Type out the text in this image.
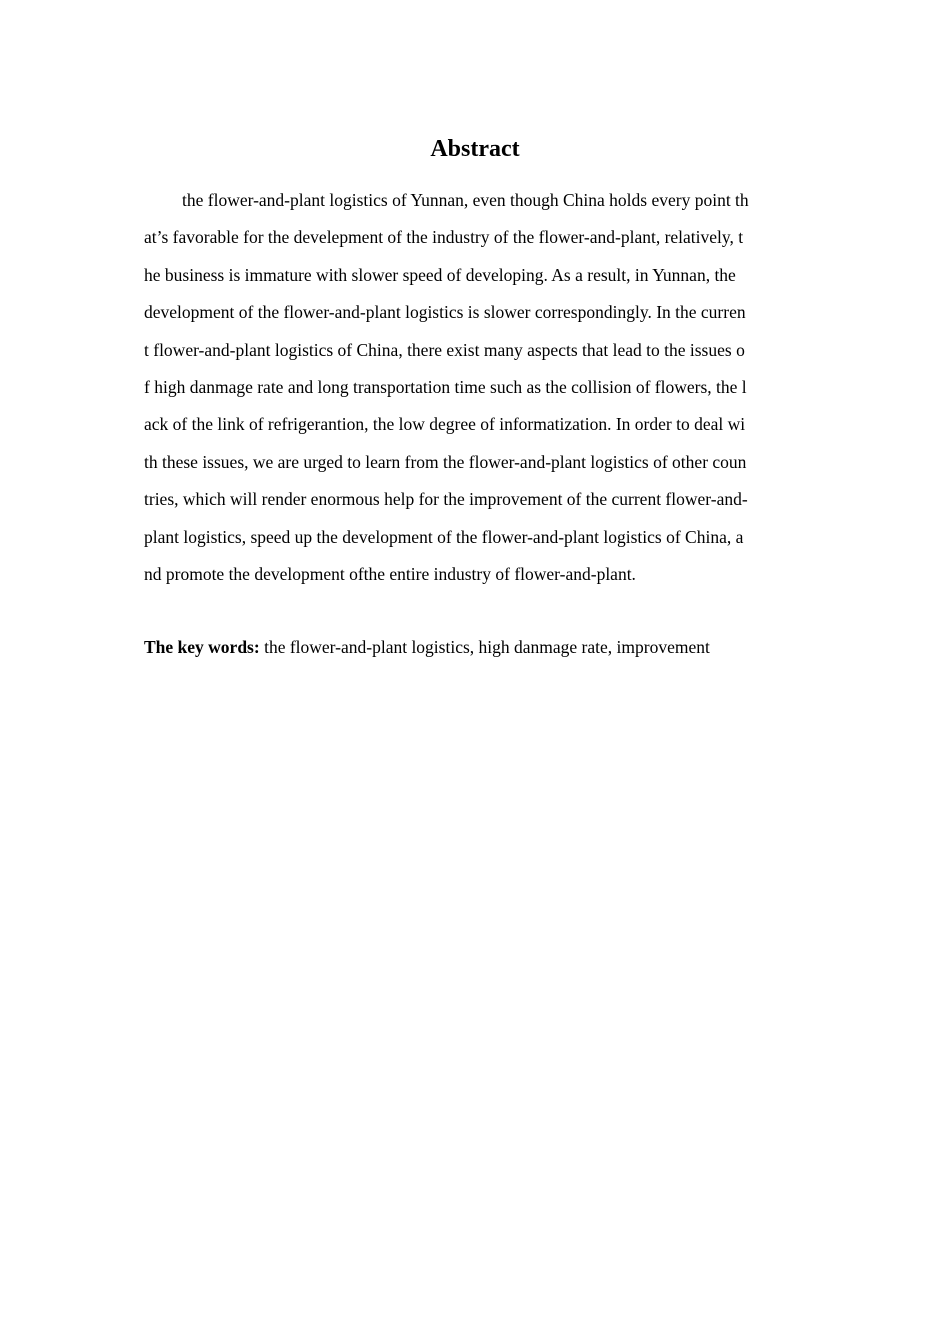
Abstract
the flower-and-plant logistics of Yunnan, even though China holds every point th
at’s favorable for the develepment of the industry of the flower-and-plant, relatively, t
he business is immature with slower speed of developing. As a result, in Yunnan, the
development of the flower-and-plant logistics is slower correspondingly. In the curren
t flower-and-plant logistics of China, there exist many aspects that lead to the issues o
f high danmage rate and long transportation time such as the collision of flowers, the l
ack of the link of refrigerantion, the low degree of informatization. In order to deal wi
th these issues, we are urged to learn from the flower-and-plant logistics of other coun
tries, which will render enormous help for the improvement of the current flower-and-
plant logistics, speed up the development of the flower-and-plant logistics of China, a
nd promote the development ofthe entire industry of flower-and-plant.

The key words: the flower-and-plant logistics, high danmage rate, improvement
